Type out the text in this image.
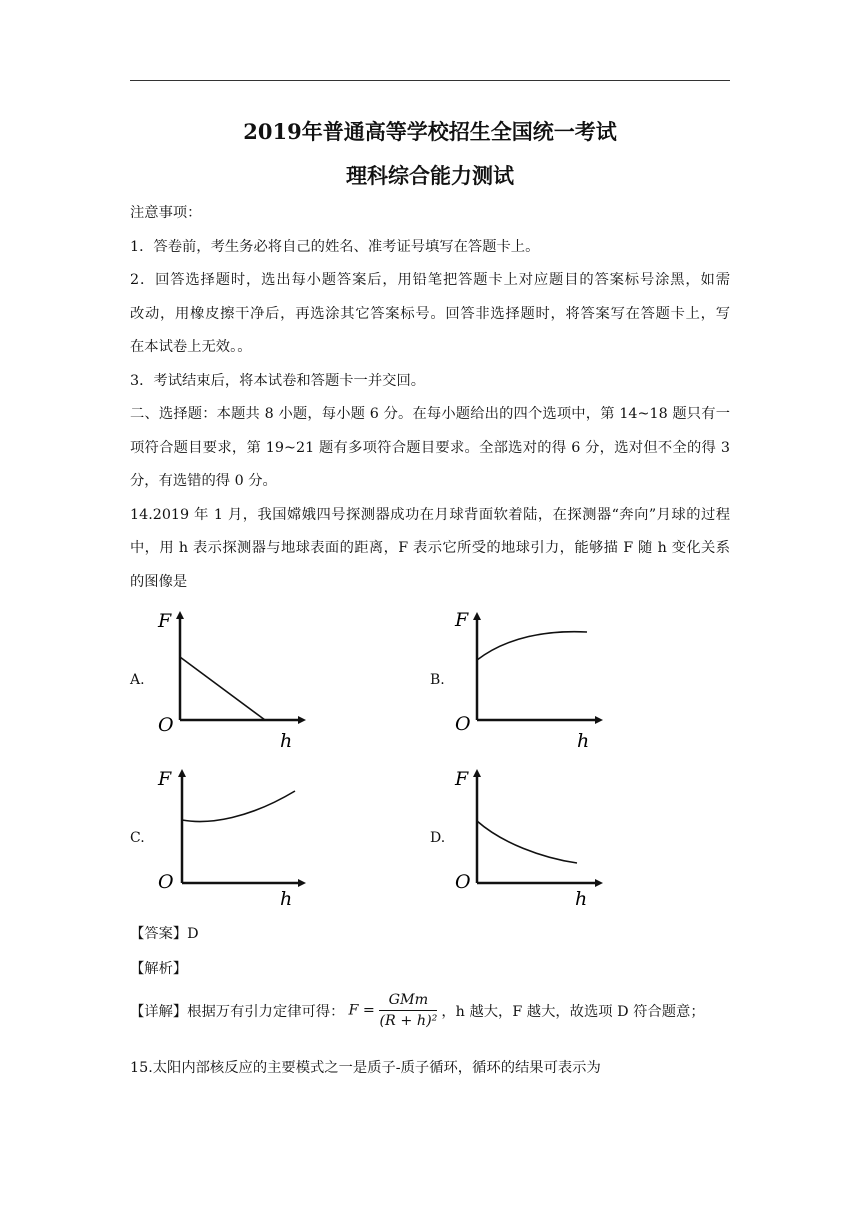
2019年普通高等学校招生全国统一考试
理科综合能力测试
注意事项：
1．答卷前，考生务必将自己的姓名、准考证号填写在答题卡上。
2．回答选择题时，选出每小题答案后，用铅笔把答题卡上对应题目的答案标号涂黑，如需
改动，用橡皮擦干净后，再选涂其它答案标号。回答非选择题时，将答案写在答题卡上，写
在本试卷上无效。。
3．考试结束后，将本试卷和答题卡一并交回。
二、选择题：本题共 8 小题，每小题 6 分。在每小题给出的四个选项中，第 14~18 题只有一
项符合题目要求，第 19~21 题有多项符合题目要求。全部选对的得 6 分，选对但不全的得 3
分，有选错的得 0 分。
14.2019 年 1 月，我国嫦娥四号探测器成功在月球背面软着陆，在探测器“奔向”月球的过程
中，用 h 表示探测器与地球表面的距离，F 表示它所受的地球引力，能够描 F 随 h 变化关系
的图像是
A.
F
O
h
B.
F
O
h
C.
F
O
h
D.
F
O
h
【答案】D
【解析】
【详解】根据万有引力定律可得： $F = \frac{\text{GMm}}{\text{(R + h)²}}$ ，h 越大，F 越大，故选项 D 符合题意；
15.太阳内部核反应的主要模式之一是质子-质子循环，循环的结果可表示为
